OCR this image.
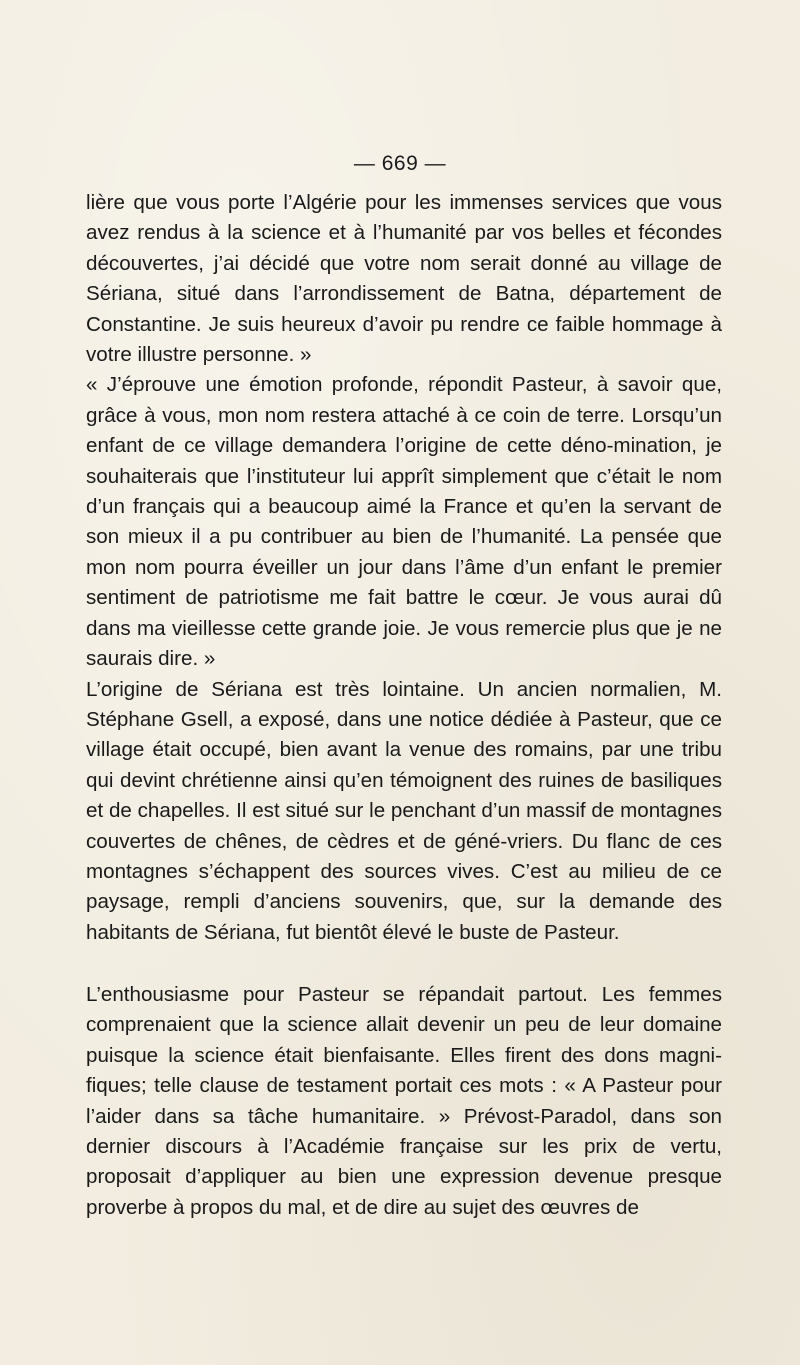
— 669 —

lière que vous porte l’Algérie pour les immenses services que vous avez rendus à la science et à l’humanité par vos belles et fécondes découvertes, j’ai décidé que votre nom serait donné au village de Sériana, situé dans l’arrondissement de Batna, département de Constantine. Je suis heureux d’avoir pu rendre ce faible hommage à votre illustre personne. »

« J’éprouve une émotion profonde, répondit Pasteur, à savoir que, grâce à vous, mon nom restera attaché à ce coin de terre. Lorsqu’un enfant de ce village demandera l’origine de cette déno-mination, je souhaiterais que l’instituteur lui apprît simplement que c’était le nom d’un français qui a beaucoup aimé la France et qu’en la servant de son mieux il a pu contribuer au bien de l’humanité. La pensée que mon nom pourra éveiller un jour dans l’âme d’un enfant le premier sentiment de patriotisme me fait battre le cœur. Je vous aurai dû dans ma vieillesse cette grande joie. Je vous remercie plus que je ne saurais dire. »

L’origine de Sériana est très lointaine. Un ancien normalien, M. Stéphane Gsell, a exposé, dans une notice dédiée à Pasteur, que ce village était occupé, bien avant la venue des romains, par une tribu qui devint chrétienne ainsi qu’en témoignent des ruines de basiliques et de chapelles. Il est situé sur le penchant d’un massif de montagnes couvertes de chênes, de cèdres et de géné-vriers. Du flanc de ces montagnes s’échappent des sources vives. C’est au milieu de ce paysage, rempli d’anciens souvenirs, que, sur la demande des habitants de Sériana, fut bientôt élevé le buste de Pasteur.

L’enthousiasme pour Pasteur se répandait partout. Les femmes comprenaient que la science allait devenir un peu de leur domaine puisque la science était bienfaisante. Elles firent des dons magni-fiques; telle clause de testament portait ces mots : « A Pasteur pour l’aider dans sa tâche humanitaire. » Prévost-Paradol, dans son dernier discours à l’Académie française sur les prix de vertu, proposait d’appliquer au bien une expression devenue presque proverbe à propos du mal, et de dire au sujet des œuvres de
